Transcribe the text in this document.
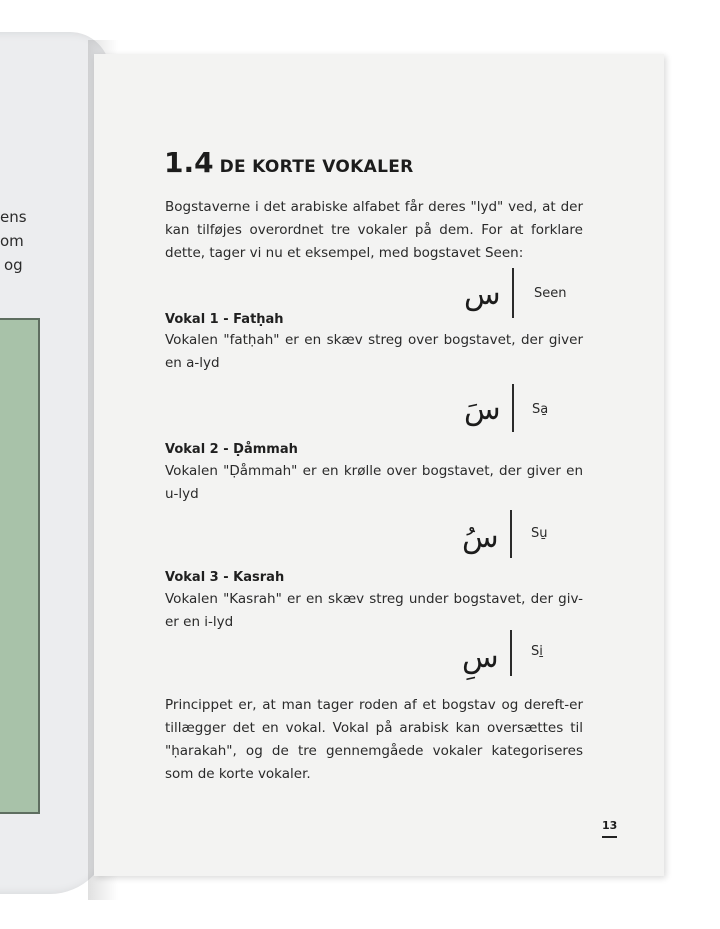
ens
om
og
1.4 DE KORTE VOKALER
Bogstaverne i det arabiske alfabet får deres "lyd" ved, at der kan tilføjes overordnet tre vokaler på dem. For at forklare dette, tager vi nu et eksempel, med bogstavet Seen:
س	Seen
Vokal 1 - Fatḥah
Vokalen "fatḥah" er en skæv streg over bogstavet, der giver en a-lyd
سَ Sa̱
Vokal 2 - Ḍåmmah
Vokalen "Ḍåmmah" er en krølle over bogstavet, der giver en u-lyd
سُ Su̱
Vokal 3 - Kasrah
Vokalen "Kasrah" er en skæv streg under bogstavet, der giv-er en i-lyd
سِ Si̱
Princippet er, at man tager roden af et bogstav og dereft-er tillægger det en vokal. Vokal på arabisk kan oversættes til "ḥarakah", og de tre gennemgåede vokaler kategoriseres som de korte vokaler.
13
